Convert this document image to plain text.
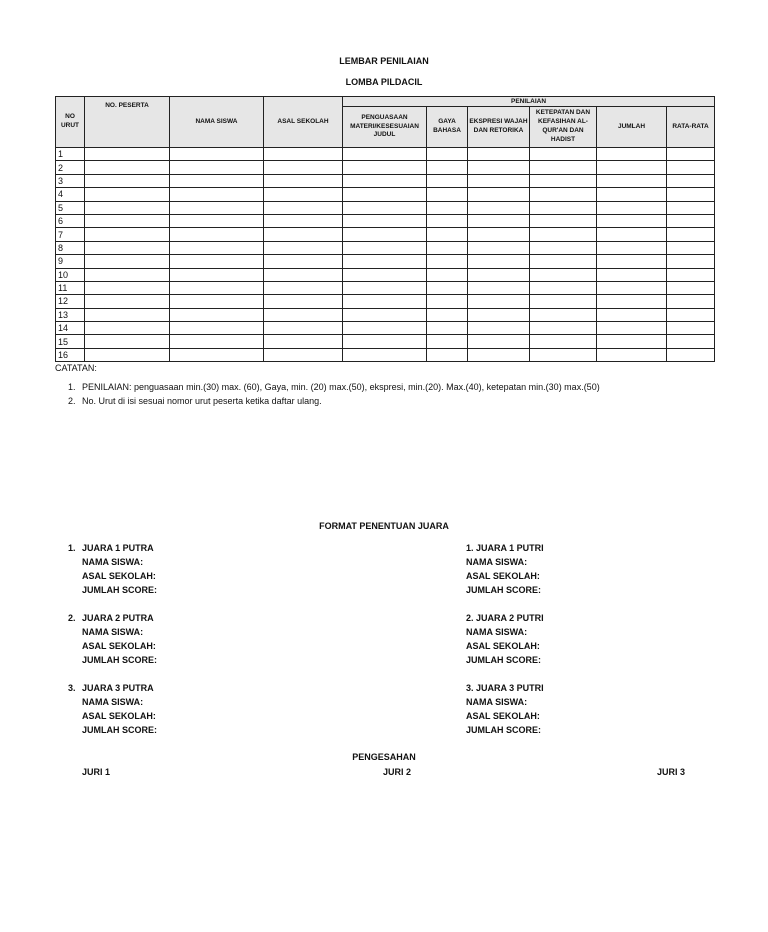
LEMBAR PENILAIAN
LOMBA PILDACIL
NO URUT	NO. PESERTA	NAMA SISWA	ASAL SEKOLAH	PENILAIAN					
				PENGUASAAN MATERI/KESESUAIAN JUDUL	GAYA BAHASA	EKSPRESI WAJAH DAN RETORIKA	KETEPATAN DAN KEFASIHAN AL-QUR'AN DAN HADIST	JUMLAH	RATA-RATA
1									
2									
3									
4									
5									
6									
7									
8									
9									
10									
11									
12									
13									
14									
15									
16									
CATATAN:
1. PENILAIAN: penguasaan min.(30) max. (60), Gaya, min. (20) max.(50), ekspresi, min.(20). Max.(40), ketepatan min.(30) max.(50)
2. No. Urut di isi sesuai nomor urut peserta ketika daftar ulang.
FORMAT PENENTUAN JUARA
1. JUARA 1 PUTRA
NAMA SISWA:
ASAL SEKOLAH:
JUMLAH SCORE:
2. JUARA 2 PUTRA
NAMA SISWA:
ASAL SEKOLAH:
JUMLAH SCORE:
3. JUARA 3 PUTRA
NAMA SISWA:
ASAL SEKOLAH:
JUMLAH SCORE:
1. JUARA 1 PUTRI
NAMA SISWA:
ASAL SEKOLAH:
JUMLAH SCORE:
2. JUARA 2 PUTRI
NAMA SISWA:
ASAL SEKOLAH:
JUMLAH SCORE:
3. JUARA 3 PUTRI
NAMA SISWA:
ASAL SEKOLAH:
JUMLAH SCORE:
PENGESAHAN
JURI 1	JURI 2	JURI 3
